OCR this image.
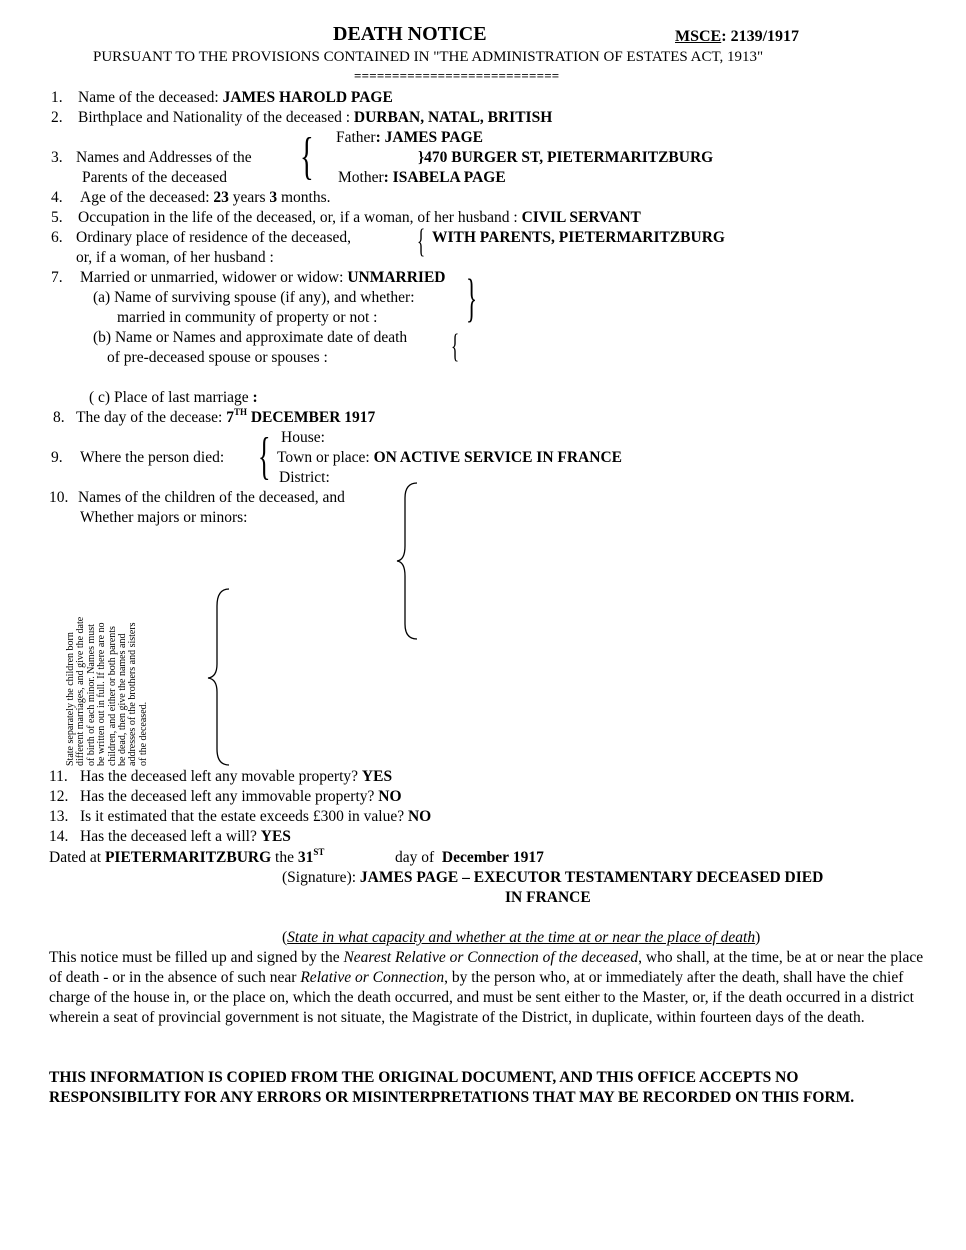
DEATH NOTICE	MSCE: 2139/1917
PURSUANT TO THE PROVISIONS CONTAINED IN "THE ADMINISTRATION OF ESTATES ACT, 1913"
===========================
1. Name of the deceased: JAMES HAROLD PAGE
2. Birthplace and Nationality of the deceased : DURBAN, NATAL, BRITISH
Father: JAMES PAGE
3. Names and Addresses of the {	}470 BURGER ST, PIETERMARITZBURG
Parents of the deceased	Mother: ISABELA PAGE
4. Age of the deceased: 23 years 3 months.
5. Occupation in the life of the deceased, or, if a woman, of her husband : CIVIL SERVANT
6. Ordinary place of residence of the deceased, { WITH PARENTS, PIETERMARITZBURG
or, if a woman, of her husband :
7. Married or unmarried, widower or widow: UNMARRIED
(a) Name of surviving spouse (if any), and whether: }
married in community of property or not :
(b) Name or Names and approximate date of death {
of pre-deceased spouse or spouses :
( c) Place of last marriage :
8. The day of the decease: 7TH DECEMBER 1917
House:
9. Where the person died: { Town or place: ON ACTIVE SERVICE IN FRANCE
District:
10. Names of the children of the deceased, and
Whether majors or minors:
State separately the children born different marriages, and give the date of birth of each minor. Names must be written out in full. If there are no children, and either or both parents be dead, then give the names and addresses of the brothers and sisters of the deceased.
11. Has the deceased left any movable property? YES
12. Has the deceased left any immovable property? NO
13. Is it estimated that the estate exceeds £300 in value? NO
14. Has the deceased left a will? YES
Dated at PIETERMARITZBURG the 31ST	day of December 1917
(Signature): JAMES PAGE – EXECUTOR TESTAMENTARY DECEASED DIED
IN FRANCE
(State in what capacity and whether at the time at or near the place of death)
This notice must be filled up and signed by the Nearest Relative or Connection of the deceased, who shall, at the time, be at or near the place of death - or in the absence of such near Relative or Connection, by the person who, at or immediately after the death, shall have the chief charge of the house in, or the place on, which the death occurred, and must be sent either to the Master, or, if the death occurred in a district wherein a seat of provincial government is not situate, the Magistrate of the District, in duplicate, within fourteen days of the death.
THIS INFORMATION IS COPIED FROM THE ORIGINAL DOCUMENT, AND THIS OFFICE ACCEPTS NO RESPONSIBILITY FOR ANY ERRORS OR MISINTERPRETATIONS THAT MAY BE RECORDED ON THIS FORM.
